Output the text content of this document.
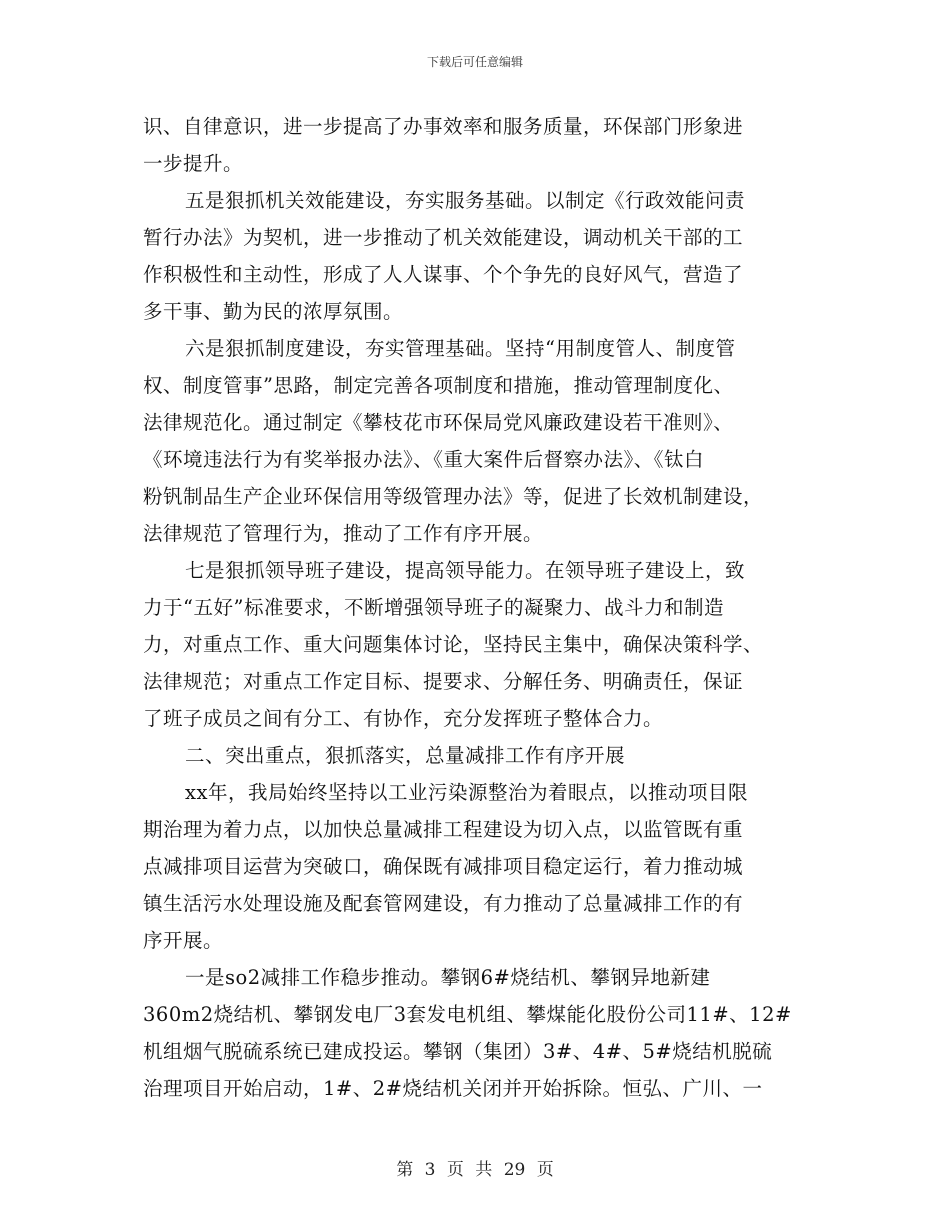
下载后可任意编辑
识、自律意识，进一步提高了办事效率和服务质量，环保部门形象进
一步提升。
五是狠抓机关效能建设，夯实服务基础。以制定《行政效能问责
暂行办法》为契机，进一步推动了机关效能建设，调动机关干部的工
作积极性和主动性，形成了人人谋事、个个争先的良好风气，营造了
多干事、勤为民的浓厚氛围。
六是狠抓制度建设，夯实管理基础。坚持“用制度管人、制度管
权、制度管事”思路，制定完善各项制度和措施，推动管理制度化、
法律规范化。通过制定《攀枝花市环保局党风廉政建设若干准则》、
《环境违法行为有奖举报办法》、《重大案件后督察办法》、《钛白
粉钒制品生产企业环保信用等级管理办法》等，促进了长效机制建设，
法律规范了管理行为，推动了工作有序开展。
七是狠抓领导班子建设，提高领导能力。在领导班子建设上，致
力于“五好”标准要求，不断增强领导班子的凝聚力、战斗力和制造
力，对重点工作、重大问题集体讨论，坚持民主集中，确保决策科学、
法律规范；对重点工作定目标、提要求、分解任务、明确责任，保证
了班子成员之间有分工、有协作，充分发挥班子整体合力。
二、突出重点，狠抓落实，总量减排工作有序开展
xx年，我局始终坚持以工业污染源整治为着眼点，以推动项目限
期治理为着力点，以加快总量减排工程建设为切入点，以监管既有重
点减排项目运营为突破口，确保既有减排项目稳定运行，着力推动城
镇生活污水处理设施及配套管网建设，有力推动了总量减排工作的有
序开展。
一是so2减排工作稳步推动。攀钢6#烧结机、攀钢异地新建
360m2烧结机、攀钢发电厂3套发电机组、攀煤能化股份公司11#、12#
机组烟气脱硫系统已建成投运。攀钢（集团）3#、4#、5#烧结机脱硫
治理项目开始启动，1#、2#烧结机关闭并开始拆除。恒弘、广川、一
第 3 页 共 29 页
